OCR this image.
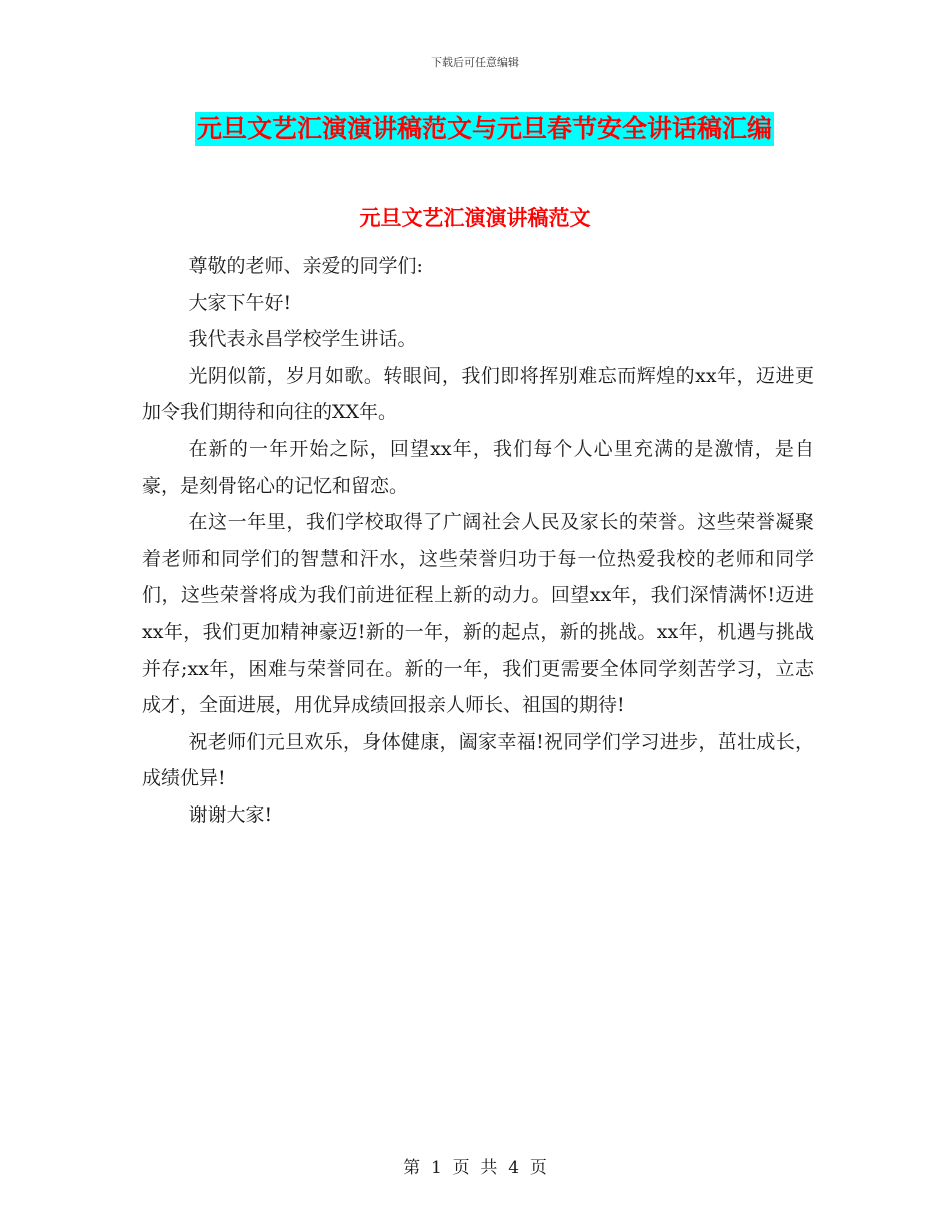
下载后可任意编辑
元旦文艺汇演演讲稿范文与元旦春节安全讲话稿汇编
元旦文艺汇演演讲稿范文

尊敬的老师、亲爱的同学们:

大家下午好!

我代表永昌学校学生讲话。

光阴似箭，岁月如歌。转眼间，我们即将挥别难忘而辉煌的xx年，迈进更加令我们期待和向往的XX年。

在新的一年开始之际，回望xx年，我们每个人心里充满的是激情，是自豪，是刻骨铭心的记忆和留恋。

在这一年里，我们学校取得了广阔社会人民及家长的荣誉。这些荣誉凝聚着老师和同学们的智慧和汗水，这些荣誉归功于每一位热爱我校的老师和同学们，这些荣誉将成为我们前进征程上新的动力。回望xx年，我们深情满怀!迈进xx年，我们更加精神豪迈!新的一年，新的起点，新的挑战。xx年，机遇与挑战并存;xx年，困难与荣誉同在。新的一年，我们更需要全体同学刻苦学习，立志成才，全面进展，用优异成绩回报亲人师长、祖国的期待!

祝老师们元旦欢乐，身体健康，阖家幸福!祝同学们学习进步，茁壮成长，成绩优异!

谢谢大家!

第  1  页  共  4  页
